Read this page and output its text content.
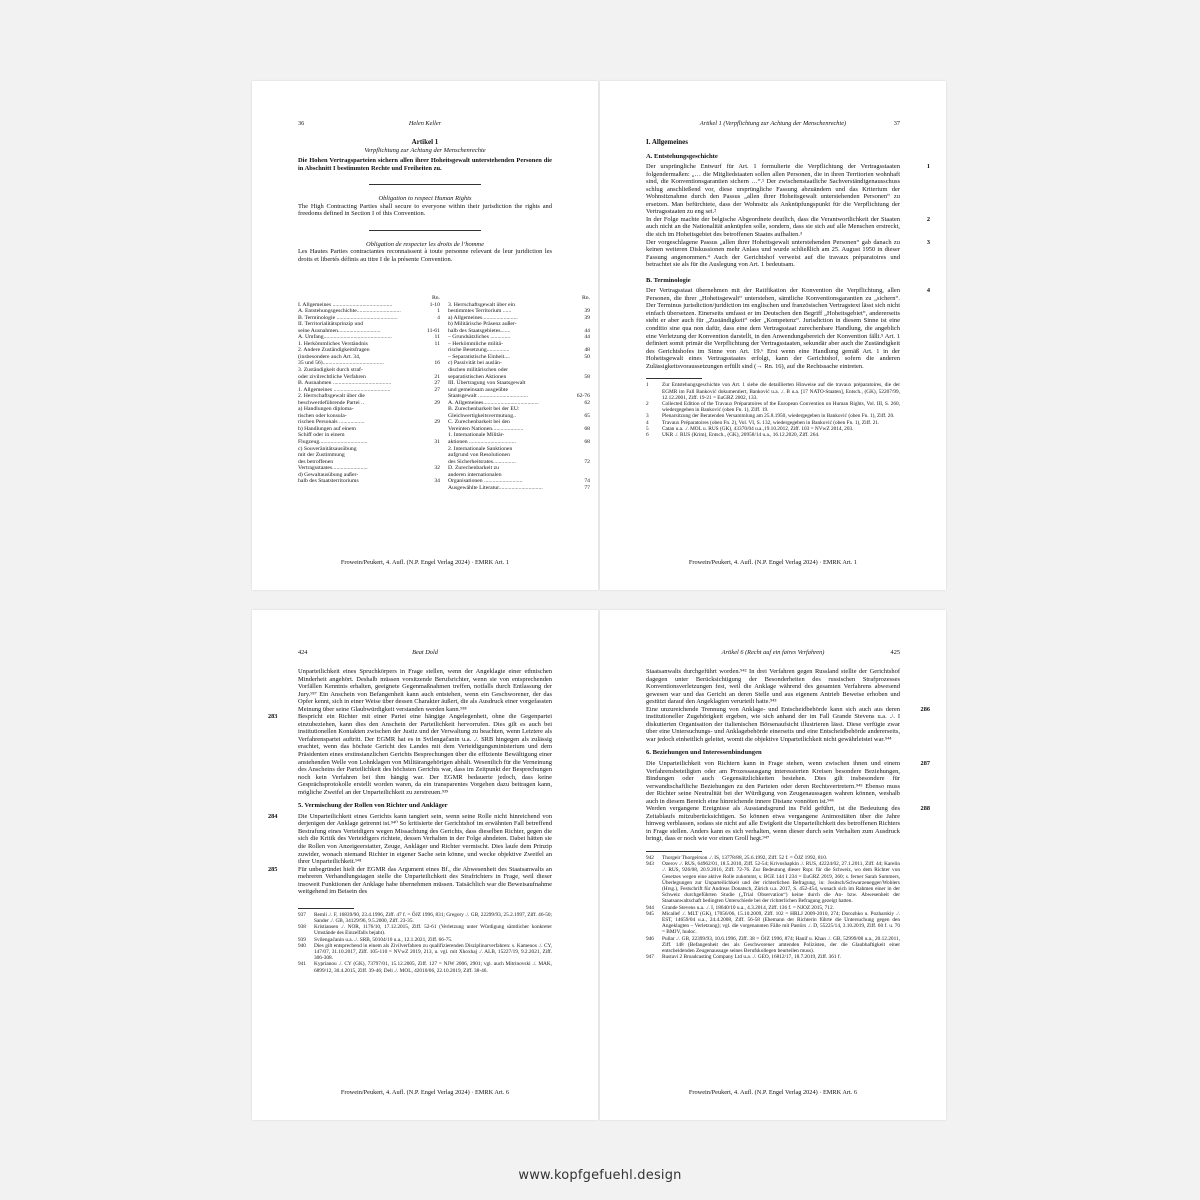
36	Helen Keller

Artikel 1

Verpflichtung zur Achtung der Menschenrechte

Die Hohen Vertragsparteien sichern allen ihrer Hoheitsgewalt unterstehenden Personen die in Abschnitt I bestimmten Rechte und Freiheiten zu.

Obligation to respect Human Rights

The High Contracting Parties shall secure to everyone within their jurisdiction the rights and freedoms defined in Section I of this Convention.

Obligation de respecter les droits de l’homme

Les Hautes Parties contractantes reconnaissent à toute personne relevant de leur juridiction les droits et libertés définis au titre I de la présente Convention.

Rn.
I. Allgemeines ..........................................	1-10
A. Entstehungsgeschichte...............................	1
B. Terminologie ...........................................	4
II. Territorialitätsprinzip und
seine Ausnahmen..............................	11-61
A. Umfang................................................	11
1. Herkömmliches Verständnis	11
2. Andere Zuständigkeitsfragen
(insbesondere auch Art. 34,
35 und 56)...........................................	16
3. Zuständigkeit durch straf-
oder zivilrechtliche Verfahren	21
B. Ausnahmen .........................................	27
1. Allgemeines ........................................	27
2. Herrschaftsgewalt über die
beschwerdeführende Partei ..	29
a) Handlungen diploma-
tischen oder konsula-
rischen Personals ..................	29
b) Handlungen auf einem
Schiff oder in einem
Flugzeug..................................	31
c) Souveränitätsausübung
mit der Zustimmung
des betroffenen
Vertragsstaates.........................	32
d) Gewaltausübung außer-
halb des Staatsterritoriums	34
Rn.
3. Herrschaftsgewalt über ein
bestimmtes Territorium ......	39
a) Allgemeines.........................	39
b) Militärische Präsenz außer-
halb des Staatsgebietes.......	44
– Grundsätzliches ..............	44
– Herkömmliche militä-
rische Besetzung................	48
– Separatistische Einheit....	50
c) Passivität bei auslän-
dischen militärischen oder
separatistischen Aktionen	58
III. Übertragung von Staatsgewalt
und gemeinsam ausgeübte
Staatsgewalt ...................................	62-76
A. Allgemeines.......................................	62
B. Zurechenbarkeit bei der EU:
Gleichwertigkeitsvermutung..	65
C. Zurechenbarkeit bei den
Vereinten Nationen......................	68
1. Internationale Militär-
aktionen .................................	68
2. Internationale Sanktionen
aufgrund von Resolutionen
des Sicherheitsrates................	72
D. Zurechenbarkeit zu
anderen internationalen
Organisationen ...........................	74
Ausgewählte Literatur...............................	77
Frowein/Peukert, 4. Aufl. (N.P. Engel Verlag 2024) · EMRK Art. 1
Artikel 1 (Verpflichtung zur Achtung der Menschenrechte)	37

I. Allgemeines

A. Entstehungsgeschichte

1

Der ursprüngliche Entwurf für Art. 1 formulierte die Verpflichtung der Vertragsstaaten folgendermaßen: „… die Mitgliedstaaten sollen allen Personen, die in ihren Territorien wohnhaft sind, die Konventionsgarantien sichern …“.¹ Der zwischenstaatliche Sachverständigenausschuss schlug anschließend vor, diese ursprüngliche Fassung abzuändern und das Kriterium der Wohnsitznahme durch den Passus „allen ihrer Hoheitsgewalt unterstehenden Personen“ zu ersetzen. Man befürchtete, dass der Wohnsitz als Anknüpfungspunkt für die Verpflichtung der Vertragsstaaten zu eng sei.²

2

In der Folge machte der belgische Abgeordnete deutlich, dass die Verantwortlichkeit der Staaten auch nicht an die Nationalität anknüpfen solle, sondern, dass sie sich auf alle Menschen erstreckt, die sich im Hoheitsgebiet des betroffenen Staates aufhalten.³

3

Der vorgeschlagene Passus „allen ihrer Hoheitsgewalt unterstehenden Personen“ gab danach zu keinen weiteren Diskussionen mehr Anlass und wurde schließlich am 25. August 1950 in dieser Fassung angenommen.⁴ Auch der Gerichtshof verweist auf die travaux préparatoires und betrachtet sie als für die Auslegung von Art. 1 bedeutsam.

B. Terminologie

4

Der Vertragsstaat übernehmen mit der Ratifikation der Konvention die Verpflichtung, allen Personen, die ihrer „Hoheitsgewalt“ unterstehen, sämtliche Konventionsgarantien zu „sichern“. Der Terminus jurisdiction/juridiction im englischen und französischen Vertragstext lässt sich nicht einfach übersetzen. Einerseits umfasst er im Deutschen den Begriff „Hoheitsgebiet“, andererseits steht er aber auch für „Zuständigkeit“ oder „Kompetenz“. Jurisdiction in diesem Sinne ist eine conditio sine qua non dafür, dass eine dem Vertragsstaat zurechenbare Handlung, die angeblich eine Verletzung der Konvention darstellt, in den Anwendungsbereich der Konvention fällt.⁵ Art. 1 definiert somit primär die Verpflichtung der Vertragsstaaten, sekundär aber auch die Zuständigkeit des Gerichtshofes im Sinne von Art. 19.⁶ Erst wenn eine Handlung gemäß Art. 1 in der Hoheitsgewalt eines Vertragsstaates erfolgt, kann der Gerichtshof, sofern die anderen Zulässigkeitsvoraussetzungen erfüllt sind (→ Rn. 16), auf die Rechtssache eintreten.

1	Zur Entstehungsgeschichte von Art. 1 siehe die detaillierten Hinweise auf die travaux préparatoires, die der EGMR im Fall Banković dokumentiert, Banković u.a. ./. B u.a. [17 NATO-Staaten], Entsch., (GK), 52207/99, 12.12.2001, Ziff. 19-21 = EuGRZ 2002, 133.
2	Collected Edition of the Travaux Préparatoires of the European Convention on Human Rights, Vol. III, S. 260, wiedergegeben in Banković (oben Fn. 1), Ziff. 19.
3	Plenarsitzung der Beratenden Versammlung am 25.8.1950, wiedergegeben in Banković (oben Fn. 1), Ziff. 20.
4	Travaux Préparatoires (oben Fn. 2), Vol. VI, S. 132, wiedergegeben in Banković (oben Fn. 1), Ziff. 21.
5	Catan u.a. ./. MOL u. RUS (GK), 43370/04 u.a.,19.10.2012, Ziff. 103 = NVwZ 2014, 203.
6	UKR ./. RUS (Krim), Entsch., (GK), 20958/14 u.a., 16.12.2020, Ziff. 264.
Frowein/Peukert, 4. Aufl. (N.P. Engel Verlag 2024) · EMRK Art. 1
424	Beat Dold

Unparteilichkeit eines Spruchkörpers in Frage stellen, wenn der Angeklagte einer ethnischen Minderheit angehört. Deshalb müssen vorsitzende Berufsrichter, wenn sie von entsprechenden Vorfällen Kenntnis erhalten, geeignete Gegenmaßnahmen treffen, notfalls durch Entlassung der Jury.⁹³⁷ Ein Anschein von Befangenheit kann auch entstehen, wenn ein Geschworener, der das Opfer kennt, sich in einer Weise über dessen Charakter äußert, die als Ausdruck einer vorgefassten Meinung über seine Glaubwürdigkeit verstanden werden kann.⁹³⁸

283	Bespricht ein Richter mit einer Partei eine hängige Angelegenheit, ohne die Gegenpartei einzubeziehen, kann dies den Anschein der Parteilichkeit hervorrufen. Dies gilt es auch bei institutionellen Kontakten zwischen der Justiz und der Verwaltung zu beachten, wenn Letztere als Verfahrenspartei auftritt. Der EGMR hat es in Svilengačanin u.a. ./. SRB hingegen als zulässig erachtet, wenn das höchste Gericht des Landes mit dem Verteidigungsministerium und dem Präsidenten eines erstinstanzlichen Gerichts Besprechungen über die effiziente Bewältigung einer anstehenden Welle von Lohnklagen von Militärangehörigen abhält. Wesentlich für die Verneinung des Anscheins der Parteilichkeit des höchsten Gerichts war, dass im Zeitpunkt der Besprechungen noch kein Verfahren bei ihm hängig war. Der EGMR bedauerte jedoch, dass keine Gesprächsprotokolle erstellt worden waren, da ein transparentes Vorgehen dazu beitragen kann, mögliche Zweifel an der Unparteilichkeit zu zerstreuen.⁹³⁹

5. Vermischung der Rollen von Richter und Ankläger

284	Die Unparteilichkeit eines Gerichts kann tangiert sein, wenn seine Rolle nicht hinreichend von derjenigen der Anklage getrennt ist.⁹⁴⁰ So kritisierte der Gerichtshof im erwähnten Fall betreffend Bestrafung eines Verteidigers wegen Missachtung des Gerichts, dass dieselben Richter, gegen die sich die Kritik des Verteidigers richtete, dessen Verhalten in der Folge ahndeten. Dabei hätten sie die Rollen von Anzeigeerstatter, Zeuge, Ankläger und Richter vermischt. Dies laufe dem Prinzip zuwider, wonach niemand Richter in eigener Sache sein könne, und wecke objektive Zweifel an ihrer Unparteilichkeit.⁹⁴¹

285	Für unbegründet hielt der EGMR das Argument eines Bf., die Abwesenheit des Staatsanwalts an mehreren Verhandlungstagen stelle die Unparteilichkeit des Strafrichters in Frage, weil dieser insoweit Funktionen der Anklage habe übernehmen müssen. Tatsächlich war die Beweisaufnahme weitgehend im Beisein des

937	Remli ./. F, 16839/90, 23.4.1996, Ziff. 47 f. = ÖJZ 1996, 831; Gregory ./. GB, 22299/93, 25.2.1997, Ziff. 46-50; Sander ./. GB, 34129/96, 9.5.2000, Ziff. 23-35.
938	Kristiansen ./. NOR, 1176/10, 17.12.2015, Ziff. 52-61 (Verletzung unter Würdigung sämtlicher konkreter Umstände des Einzelfalls bejaht).
939	Svilengačanin u.a. ./. SRB, 50104/10 u.a., 12.1.2021, Ziff. 66-75.
940	Dies gilt entsprechend in einem als Zivilverfahren zu qualifizierenden Disziplinarverfahren: s. Kamenos ./. CY, 147/07, 31.10.2017, Ziff. 105-110 = NVwZ 2019, 213, u. vgl. mit Xhoxhaj ./. ALB, 15227/19, 9.2.2021, Ziff. 306-308.
941	Kyprianou ./. CY (GK), 73797/01, 15.12.2005, Ziff. 127 = NJW 2006, 2901; vgl. auch Mitrinovski ./. MAK, 6899/12, 30.4.2015, Ziff. 39-46; Deli ./. MOL, 42010/06, 22.10.2019, Ziff. 38-46.
Frowein/Peukert, 4. Aufl. (N.P. Engel Verlag 2024) · EMRK Art. 6
Artikel 6 (Recht auf ein faires Verfahren)	425

Staatsanwalts durchgeführt worden.⁹⁴² In drei Verfahren gegen Russland stellte der Gerichtshof dagegen unter Berücksichtigung der Besonderheiten des russischen Strafprozesses Konventionsverletzungen fest, weil die Anklage während des gesamten Verfahrens abwesend gewesen war und das Gericht an deren Stelle und aus eigenem Antrieb Beweise erhoben und gestützt darauf den Angeklagten verurteilt hatte.⁹⁴³

286

Eine unzureichende Trennung von Anklage- und Entscheidbehörde kann sich auch aus deren institutioneller Zugehörigkeit ergeben, wie sich anhand der im Fall Grande Stevens u.a. ./. I diskutierten Organisation der italienischen Börsenaufsicht illustrieren lässt. Diese verfügte zwar über eine Untersuchungs- und Anklagebehörde einerseits und eine Entscheidbehörde andererseits, war jedoch einheitlich geleitet, womit die objektive Unparteilichkeit nicht gewährleistet war.⁹⁴⁴

6. Beziehungen und Interessenbindungen

287

Die Unparteilichkeit von Richtern kann in Frage stehen, wenn zwischen ihnen und einem Verfahrensbeteiligten oder am Prozessausgang interessierten Kreisen besondere Beziehungen, Bindungen oder auch Gegensätzlichkeiten bestehen. Dies gilt insbesondere für verwandtschaftliche Beziehungen zu den Parteien oder deren Rechtsvertretern.⁹⁴⁵ Ebenso muss der Richter seine Neutralität bei der Würdigung von Zeugenaussagen wahren können, weshalb auch in diesem Bereich eine hinreichende innere Distanz vonnöten ist.⁹⁴⁶

288

Werden vergangene Ereignisse als Ausstandsgrund ins Feld geführt, ist die Bedeutung des Zeitablaufs mitzuberücksichtigen. So können etwa vergangene Animositäten über die Jahre hinweg verblassen, sodass sie nicht auf alle Ewigkeit die Unparteilichkeit des betroffenen Richters in Frage stellen. Anders kann es sich verhalten, wenn dieser durch sein Verhalten zum Ausdruck bringt, dass er noch wie vor einen Groll hegt.⁹⁴⁷

942	Thorgeir Thorgeirson ./. IS, 13778/88, 25.6.1992, Ziff. 52 f. = ÖJZ 1992, 810.
943	Ozerov ./. RUS, 64962/01, 18.5.2010, Ziff. 52-54; Krivoshapkin ./. RUS, 42224/02, 27.1.2011, Ziff. 44; Karelin ./. RUS, 926/08, 20.9.2016, Ziff. 72-76. Zur Bedeutung dieser Rspr. für die Schweiz, wo dem Richter von Gesetzes wegen eine aktive Rolle zukommt, s. BGE 144 I 234 = EuGRZ 2019, 360; s. ferner Sarah Summers, Überlegungen zur Unparteilichkeit und der richterlichen Befragung, in: Jositsch/Schwarzenegger/Wohlers (Hrsg.), Festschrift für Andreas Donatsch, Zürich u.a. 2017, S. 452-454, wonach sich im Rahmen einer in der Schweiz durchgeführten Studie („Trial Observation“) keine durch die An- bzw. Abwesenheit der Staatsanwaltschaft bedingten Unterschiede bei der richterlichen Befragung gezeigt hatten.
944	Grande Stevens u.a. ./. I, 18640/10 u.a., 4.3.2014, Ziff. 136 f. = NJOZ 2015, 712.
945	Micallef ./. MLT (GK), 17056/06, 15.10.2009, Ziff. 102 = HRLJ 2009-2010, 274; Dorozhko u. Pozharskiy ./. EST, 14659/04 u.a., 24.4.2008, Ziff. 56-58 (Ehemann der Richterin führte die Untersuchung gegen den Angeklagten – Verletzung); vgl. die vorgenannten Fälle mit Pastörs ./. D, 55225/14, 3.10.2019, Ziff. 60 f. u. 70 = BMJV, hudoc.
946	Pullar ./. GB, 22399/93, 10.6.1996, Ziff. 38 = ÖJZ 1996, 874; Hanif u. Khan ./. GB, 52999/08 u.a., 20.12.2011, Ziff. 148 (Befangenheit des als Geschworener amtenden Polizisten, der die Glaubhaftigkeit einer entscheidenden Zeugenaussage seines Berufskollegen beurteilen muss).
947	Rustavi 2 Broadcasting Company Ltd u.a. ./. GEO, 16812/17, 18.7.2019, Ziff. 361 f.
Frowein/Peukert, 4. Aufl. (N.P. Engel Verlag 2024) · EMRK Art. 6
www.kopfgefuehl.design
